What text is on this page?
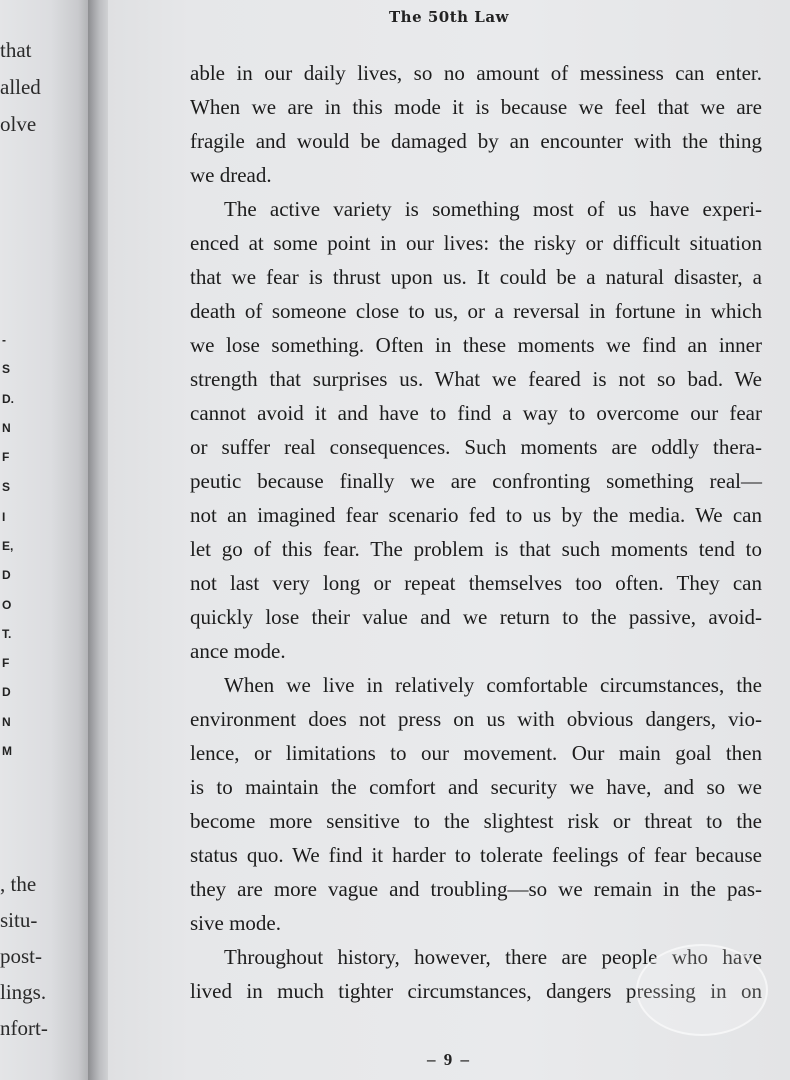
that
alled
olve
-
S
D.
N
F
S
I
E,
D
O
T.
F
D
N
M
, the
situ-
post-
lings.
nfort-
The 50th Law
able in our daily lives, so no amount of messiness can enter.
When we are in this mode it is because we feel that we are
fragile and would be damaged by an encounter with the thing
we dread.
The active variety is something most of us have experi-
enced at some point in our lives: the risky or difficult situation
that we fear is thrust upon us. It could be a natural disaster, a
death of someone close to us, or a reversal in fortune in which
we lose something. Often in these moments we find an inner
strength that surprises us. What we feared is not so bad. We
cannot avoid it and have to find a way to overcome our fear
or suffer real consequences. Such moments are oddly thera-
peutic because finally we are confronting something real—
not an imagined fear scenario fed to us by the media. We can
let go of this fear. The problem is that such moments tend to
not last very long or repeat themselves too often. They can
quickly lose their value and we return to the passive, avoid-
ance mode.
When we live in relatively comfortable circumstances, the
environment does not press on us with obvious dangers, vio-
lence, or limitations to our movement. Our main goal then
is to maintain the comfort and security we have, and so we
become more sensitive to the slightest risk or threat to the
status quo. We find it harder to tolerate feelings of fear because
they are more vague and troubling—so we remain in the pas-
sive mode.
Throughout history, however, there are people who have
lived in much tighter circumstances, dangers pressing in on
– 9 –
